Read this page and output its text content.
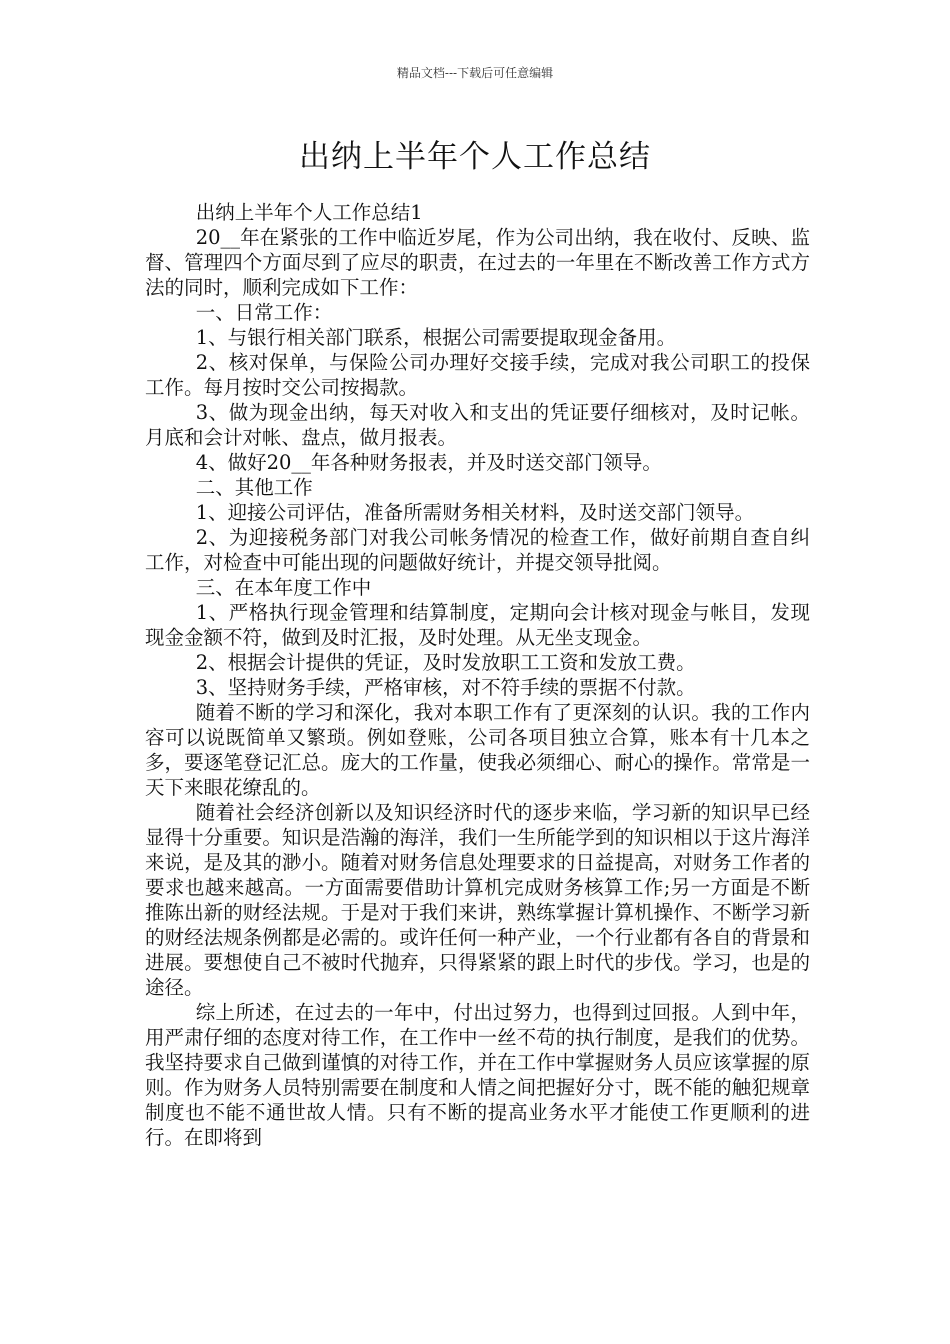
精品文档---下载后可任意编辑
出纳上半年个人工作总结

出纳上半年个人工作总结1

20__年在紧张的工作中临近岁尾，作为公司出纳，我在收付、反映、监督、管理四个方面尽到了应尽的职责，在过去的一年里在不断改善工作方式方法的同时，顺利完成如下工作：

一、日常工作：

1、与银行相关部门联系，根据公司需要提取现金备用。

2、核对保单，与保险公司办理好交接手续，完成对我公司职工的投保工作。每月按时交公司按揭款。

3、做为现金出纳，每天对收入和支出的凭证要仔细核对，及时记帐。月底和会计对帐、盘点，做月报表。

4、做好20__年各种财务报表，并及时送交部门领导。

二、其他工作

1、迎接公司评估，准备所需财务相关材料，及时送交部门领导。

2、为迎接税务部门对我公司帐务情况的检查工作，做好前期自查自纠工作，对检查中可能出现的问题做好统计，并提交领导批阅。

三、在本年度工作中

1、严格执行现金管理和结算制度，定期向会计核对现金与帐目，发现现金金额不符，做到及时汇报，及时处理。从无坐支现金。

2、根据会计提供的凭证，及时发放职工工资和发放工费。

3、坚持财务手续，严格审核，对不符手续的票据不付款。

随着不断的学习和深化，我对本职工作有了更深刻的认识。我的工作内容可以说既简单又繁琐。例如登账，公司各项目独立合算，账本有十几本之多，要逐笔登记汇总。庞大的工作量，使我必须细心、耐心的操作。常常是一天下来眼花缭乱的。

随着社会经济创新以及知识经济时代的逐步来临，学习新的知识早已经显得十分重要。知识是浩瀚的海洋，我们一生所能学到的知识相以于这片海洋来说，是及其的渺小。随着对财务信息处理要求的日益提高，对财务工作者的要求也越来越高。一方面需要借助计算机完成财务核算工作;另一方面是不断推陈出新的财经法规。于是对于我们来讲，熟练掌握计算机操作、不断学习新的财经法规条例都是必需的。或许任何一种产业，一个行业都有各自的背景和进展。要想使自己不被时代抛弃，只得紧紧的跟上时代的步伐。学习，也是的途径。

综上所述，在过去的一年中，付出过努力，也得到过回报。人到中年，用严肃仔细的态度对待工作，在工作中一丝不苟的执行制度，是我们的优势。我坚持要求自己做到谨慎的对待工作，并在工作中掌握财务人员应该掌握的原则。作为财务人员特别需要在制度和人情之间把握好分寸，既不能的触犯规章制度也不能不通世故人情。只有不断的提高业务水平才能使工作更顺利的进行。在即将到
